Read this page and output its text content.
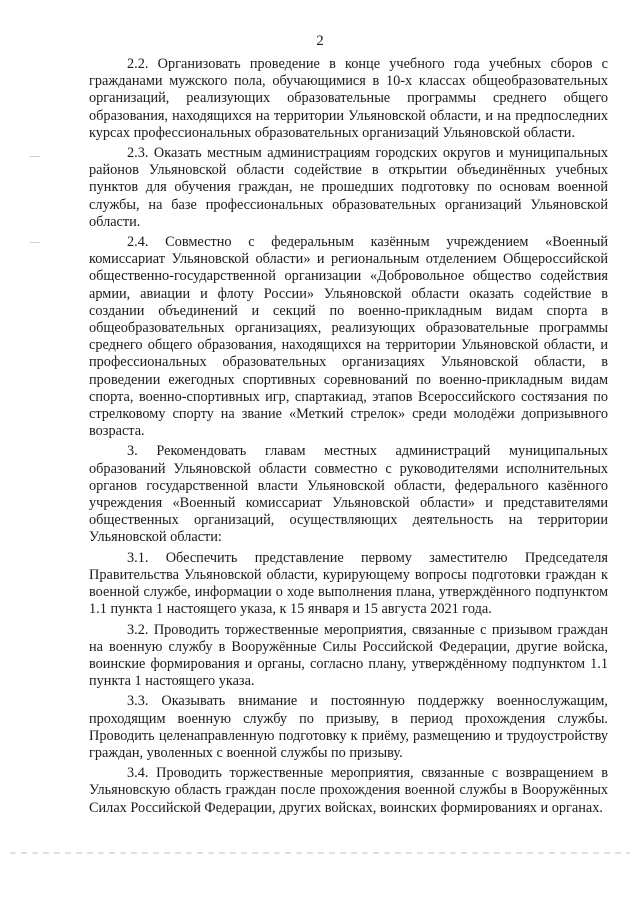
2

2.2. Организовать проведение в конце учебного года учебных сборов с гражданами мужского пола, обучающимися в 10-х классах общеобразовательных организаций, реализующих образовательные программы среднего общего образования, находящихся на территории Ульяновской области, и на предпоследних курсах профессиональных образовательных организаций Ульяновской области.

2.3. Оказать местным администрациям городских округов и муниципальных районов Ульяновской области содействие в открытии объединённых учебных пунктов для обучения граждан, не прошедших подготовку по основам военной службы, на базе профессиональных образовательных организаций Ульяновской области.

2.4. Совместно с федеральным казённым учреждением «Военный комиссариат Ульяновской области» и региональным отделением Общероссийской общественно-государственной организации «Добровольное общество содействия армии, авиации и флоту России» Ульяновской области оказать содействие в создании объединений и секций по военно-прикладным видам спорта в общеобразовательных организациях, реализующих образовательные программы среднего общего образования, находящихся на территории Ульяновской области, и профессиональных образовательных организациях Ульяновской области, в проведении ежегодных спортивных соревнований по военно-прикладным видам спорта, военно-спортивных игр, спартакиад, этапов Всероссийского состязания по стрелковому спорту на звание «Меткий стрелок» среди молодёжи допризывного возраста.

3. Рекомендовать главам местных администраций муниципальных образований Ульяновской области совместно с руководителями исполнительных органов государственной власти Ульяновской области, федерального казённого учреждения «Военный комиссариат Ульяновской области» и представителями общественных организаций, осуществляющих деятельность на территории Ульяновской области:

3.1. Обеспечить представление первому заместителю Председателя Правительства Ульяновской области, курирующему вопросы подготовки граждан к военной службе, информации о ходе выполнения плана, утверждённого подпунктом 1.1 пункта 1 настоящего указа, к 15 января и 15 августа 2021 года.

3.2. Проводить торжественные мероприятия, связанные с призывом граждан на военную службу в Вооружённые Силы Российской Федерации, другие войска, воинские формирования и органы, согласно плану, утверждённому подпунктом 1.1 пункта 1 настоящего указа.

3.3. Оказывать внимание и постоянную поддержку военнослужащим, проходящим военную службу по призыву, в период прохождения службы. Проводить целенаправленную подготовку к приёму, размещению и трудоустройству граждан, уволенных с военной службы по призыву.

3.4. Проводить торжественные мероприятия, связанные с возвращением в Ульяновскую область граждан после прохождения военной службы в Вооружённых Силах Российской Федерации, других войсках, воинских формированиях и органах.
